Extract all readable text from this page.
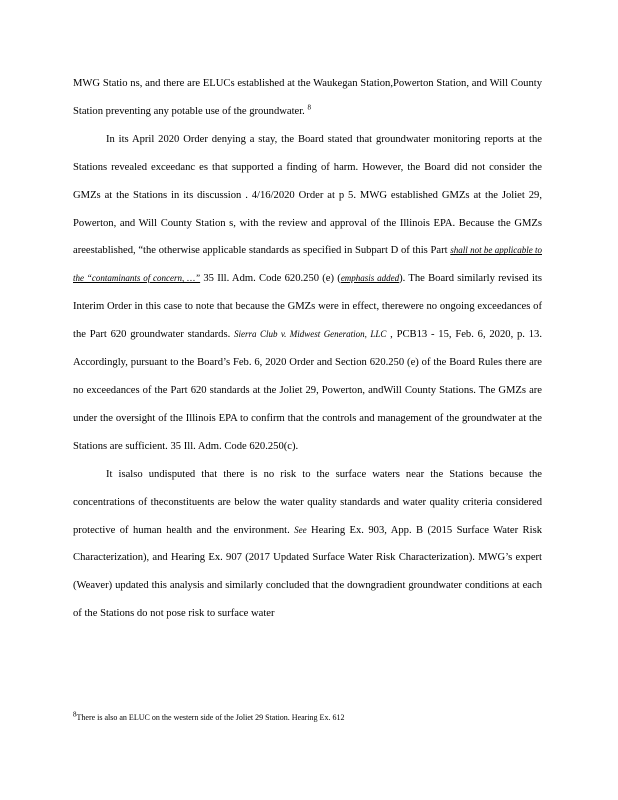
MWG Statio ns, and there are ELUCs established at the Waukegan Station,Powerton Station, and Will County Station preventing any potable use of the groundwater. $^8$

In its April 2020 Order denying a stay, the Board stated that groundwater monitoring reports at the Stations revealed exceedanc es that supported a finding of harm. However, the Board did not consider the GMZs at the Stations in its discussion . 4/16/2020 Order at p 5. MWG established GMZs at the Joliet 29, Powerton, and Will County Station s, with the review and approval of the Illinois EPA. Because the GMZs areestablished, “the otherwise applicable standards as specified in Subpart D of this Part shall not be applicable to the “contaminants of concern, …” 35 Ill. Adm. Code 620.250 (e) (emphasis added). The Board similarly revised its Interim Order in this case to note that because the GMZs were in effect, therewere no ongoing exceedances of the Part 620 groundwater standards. Sierra Club v. Midwest Generation, LLC , PCB13 - 15, Feb. 6, 2020, p. 13. Accordingly, pursuant to the Board’s Feb. 6, 2020 Order and Section 620.250 (e) of the Board Rules there are no exceedances of the Part 620 standards at the Joliet 29, Powerton, andWill County Stations. The GMZs are under the oversight of the Illinois EPA to confirm that the controls and management of the groundwater at the Stations are sufficient. 35 Ill. Adm. Code 620.250(c).

It isalso undisputed that there is no risk to the surface waters near the Stations because the concentrations of theconstituents are below the water quality standards and water quality criteria considered protective of human health and the environment. See Hearing Ex. 903, App. B (2015 Surface Water Risk Characterization), and Hearing Ex. 907 (2017 Updated Surface Water Risk Characterization). MWG’s expert (Weaver) updated this analysis and similarly concluded that the downgradient groundwater conditions at each of the Stations do not pose risk to surface water

8There is also an ELUC on the western side of the Joliet 29 Station. Hearing Ex. 612
